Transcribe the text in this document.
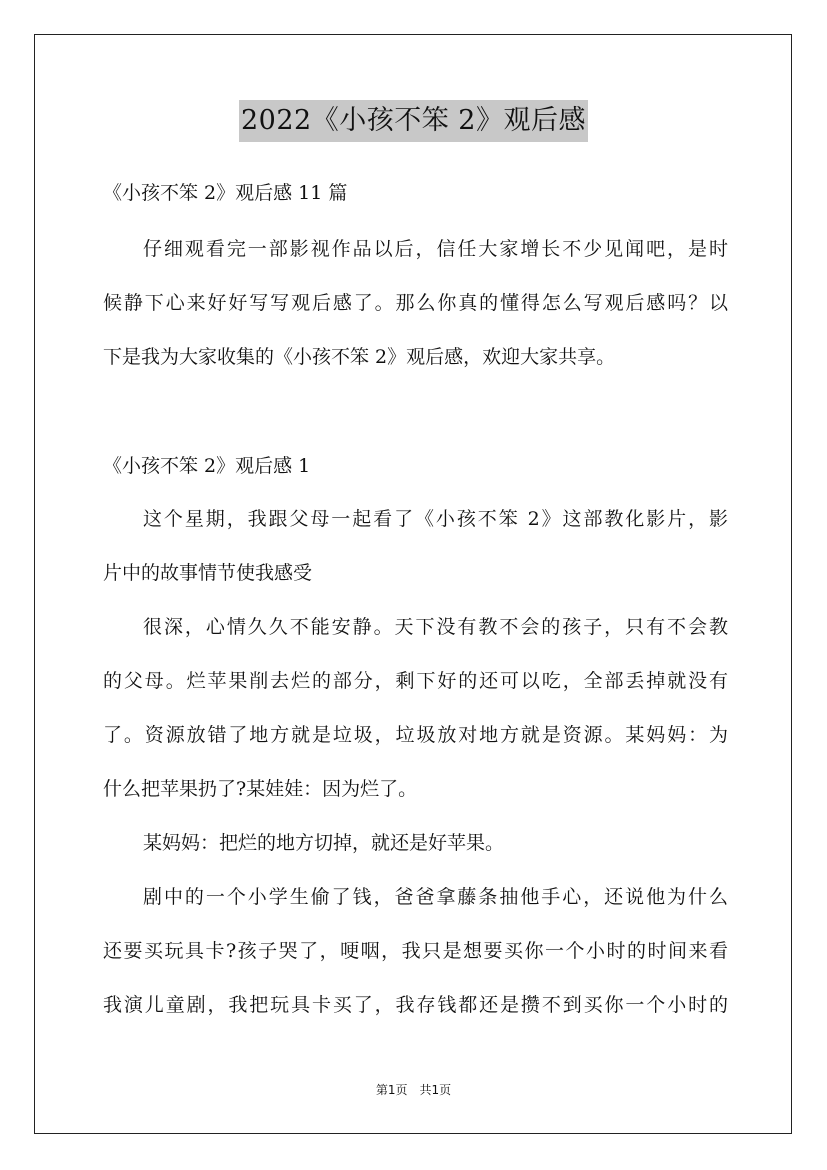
2022《小孩不笨 2》观后感
《小孩不笨 2》观后感 11 篇
仔细观看完一部影视作品以后，信任大家增长不少见闻吧，是时
候静下心来好好写写观后感了。那么你真的懂得怎么写观后感吗？以
下是我为大家收集的《小孩不笨 2》观后感，欢迎大家共享。
《小孩不笨 2》观后感 1
这个星期，我跟父母一起看了《小孩不笨 2》这部教化影片，影
片中的故事情节使我感受
很深，心情久久不能安静。天下没有教不会的孩子，只有不会教
的父母。烂苹果削去烂的部分，剩下好的还可以吃，全部丢掉就没有
了。资源放错了地方就是垃圾，垃圾放对地方就是资源。某妈妈：为
什么把苹果扔了?某娃娃：因为烂了。
某妈妈：把烂的地方切掉，就还是好苹果。
剧中的一个小学生偷了钱，爸爸拿藤条抽他手心，还说他为什么
还要买玩具卡?孩子哭了，哽咽，我只是想要买你一个小时的时间来看
我演儿童剧，我把玩具卡买了，我存钱都还是攒不到买你一个小时的
第1页　共1页
